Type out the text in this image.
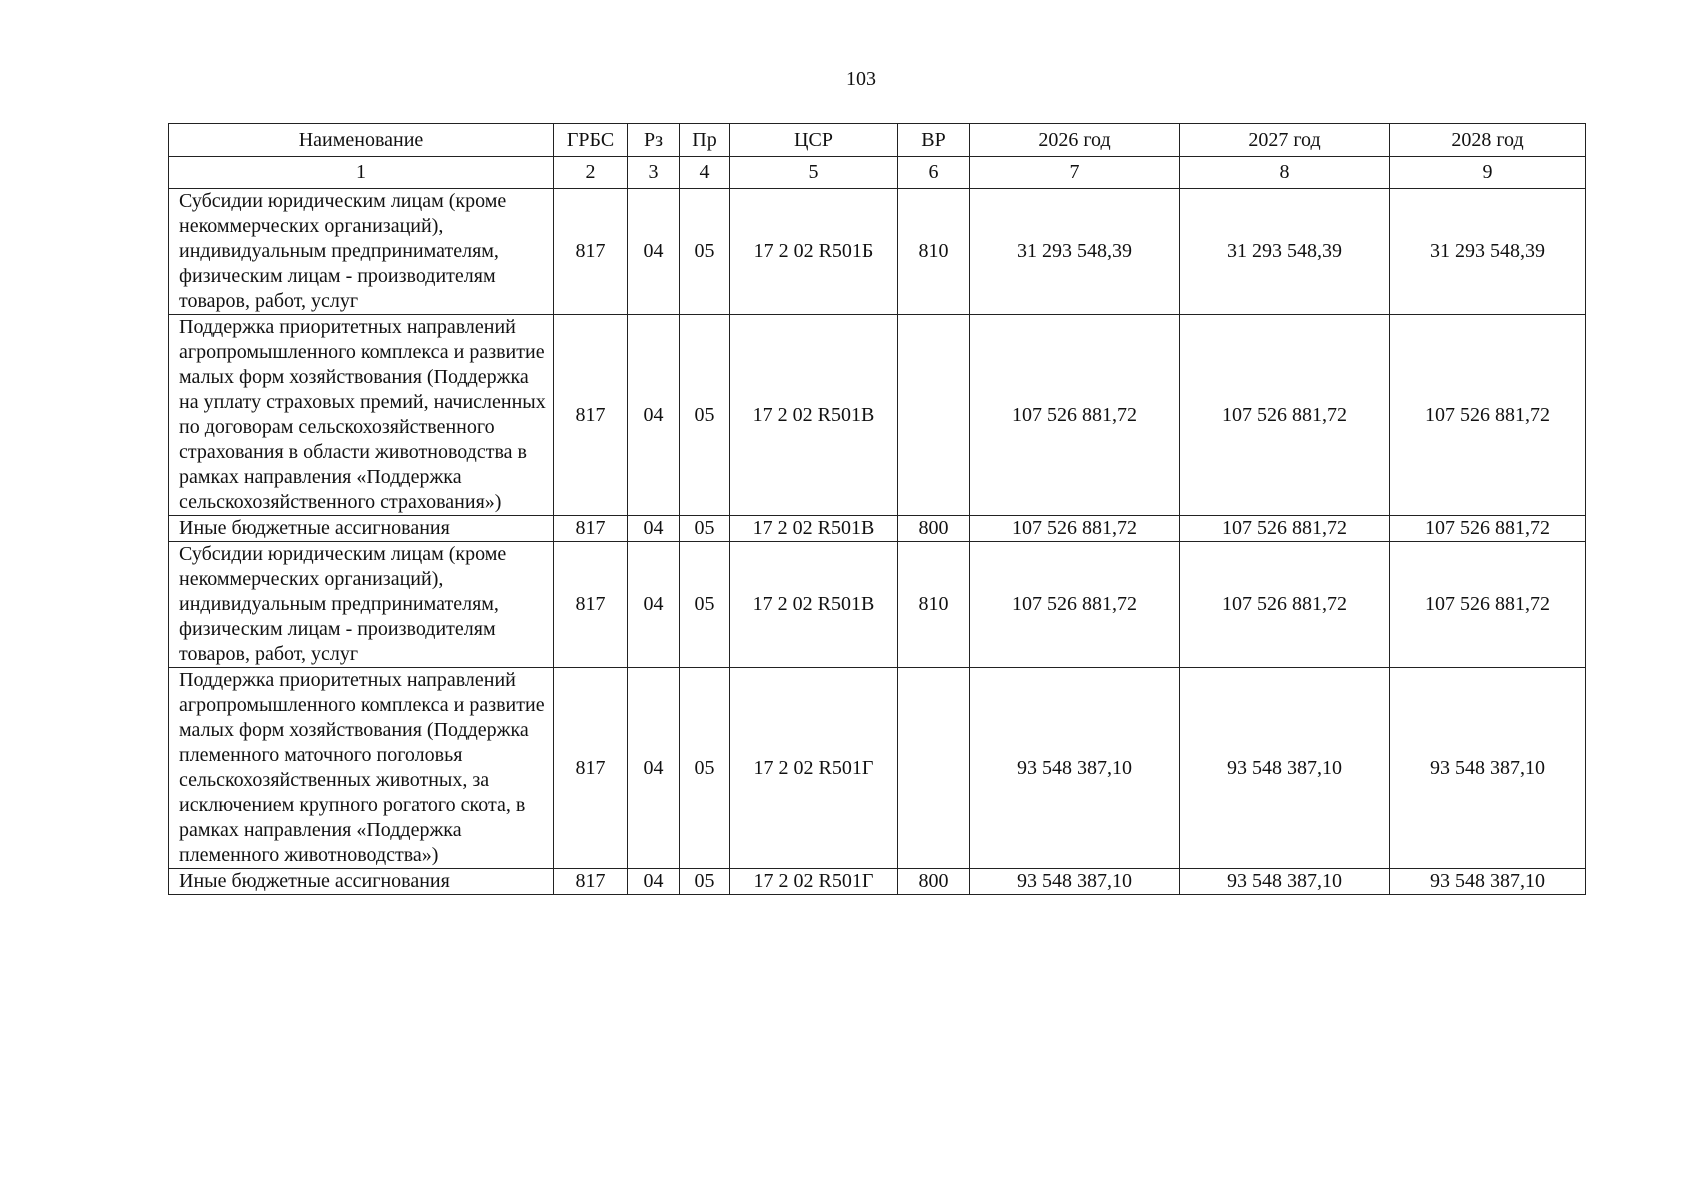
103
Наименование	ГРБС	Рз	Пр	ЦСР	ВР	2026 год	2027 год	2028 год
1	2	3	4	5	6	7	8	9
Субсидии юридическим лицам (кроме некоммерческих организаций), индивидуальным предпринимателям, физическим лицам - производителям товаров, работ, услуг	817	04	05	17 2 02 R501Б	810	31 293 548,39	31 293 548,39	31 293 548,39
Поддержка приоритетных направлений агропромышленного комплекса и развитие малых форм хозяйствования (Поддержка на уплату страховых премий, начисленных по договорам сельскохозяйственного страхования в области животноводства в рамках направления «Поддержка сельскохозяйственного страхования»)	817	04	05	17 2 02 R501В		107 526 881,72	107 526 881,72	107 526 881,72
Иные бюджетные ассигнования	817	04	05	17 2 02 R501В	800	107 526 881,72	107 526 881,72	107 526 881,72
Субсидии юридическим лицам (кроме некоммерческих организаций), индивидуальным предпринимателям, физическим лицам - производителям товаров, работ, услуг	817	04	05	17 2 02 R501В	810	107 526 881,72	107 526 881,72	107 526 881,72
Поддержка приоритетных направлений агропромышленного комплекса и развитие малых форм хозяйствования (Поддержка племенного маточного поголовья сельскохозяйственных животных, за исключением крупного рогатого скота, в рамках направления «Поддержка племенного животноводства»)	817	04	05	17 2 02 R501Г		93 548 387,10	93 548 387,10	93 548 387,10
Иные бюджетные ассигнования	817	04	05	17 2 02 R501Г	800	93 548 387,10	93 548 387,10	93 548 387,10
